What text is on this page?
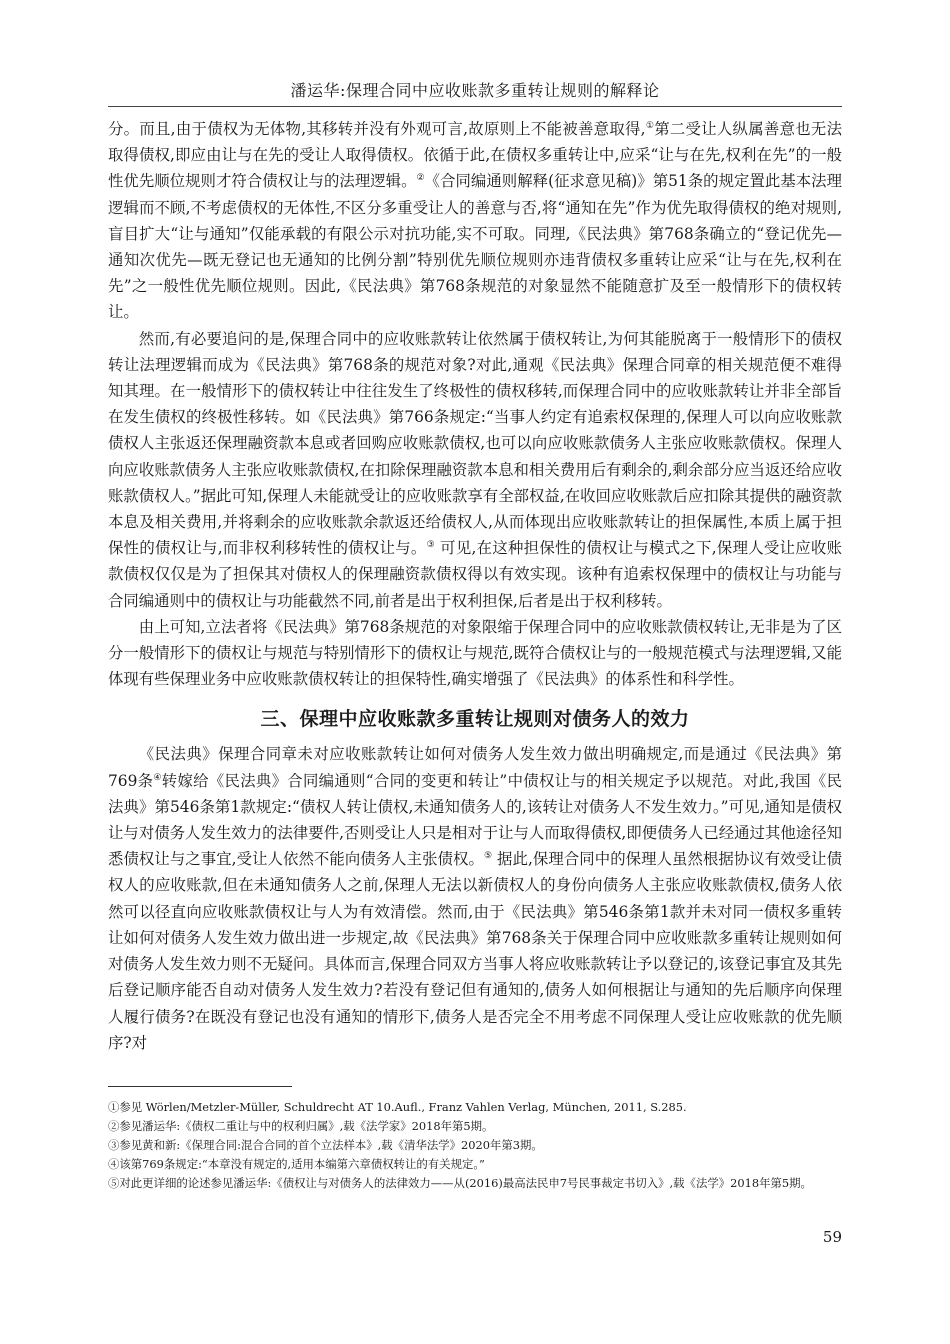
潘运华:保理合同中应收账款多重转让规则的解释论

分。而且,由于债权为无体物,其移转并没有外观可言,故原则上不能被善意取得,①第二受让人纵属善意也无法取得债权,即应由让与在先的受让人取得债权。依循于此,在债权多重转让中,应采“让与在先,权利在先”的一般性优先顺位规则才符合债权让与的法理逻辑。②《合同编通则解释(征求意见稿)》第51条的规定置此基本法理逻辑而不顾,不考虑债权的无体性,不区分多重受让人的善意与否,将“通知在先”作为优先取得债权的绝对规则,盲目扩大“让与通知”仅能承载的有限公示对抗功能,实不可取。同理,《民法典》第768条确立的“登记优先—通知次优先—既无登记也无通知的比例分割”特别优先顺位规则亦违背债权多重转让应采“让与在先,权利在先”之一般性优先顺位规则。因此,《民法典》第768条规范的对象显然不能随意扩及至一般情形下的债权转让。

然而,有必要追问的是,保理合同中的应收账款转让依然属于债权转让,为何其能脱离于一般情形下的债权转让法理逻辑而成为《民法典》第768条的规范对象?对此,通观《民法典》保理合同章的相关规范便不难得知其理。在一般情形下的债权转让中往往发生了终极性的债权移转,而保理合同中的应收账款转让并非全部旨在发生债权的终极性移转。如《民法典》第766条规定:“当事人约定有追索权保理的,保理人可以向应收账款债权人主张返还保理融资款本息或者回购应收账款债权,也可以向应收账款债务人主张应收账款债权。保理人向应收账款债务人主张应收账款债权,在扣除保理融资款本息和相关费用后有剩余的,剩余部分应当返还给应收账款债权人。”据此可知,保理人未能就受让的应收账款享有全部权益,在收回应收账款后应扣除其提供的融资款本息及相关费用,并将剩余的应收账款余款返还给债权人,从而体现出应收账款转让的担保属性,本质上属于担保性的债权让与,而非权利移转性的债权让与。③ 可见,在这种担保性的债权让与模式之下,保理人受让应收账款债权仅仅是为了担保其对债权人的保理融资款债权得以有效实现。该种有追索权保理中的债权让与功能与合同编通则中的债权让与功能截然不同,前者是出于权利担保,后者是出于权利移转。

由上可知,立法者将《民法典》第768条规范的对象限缩于保理合同中的应收账款债权转让,无非是为了区分一般情形下的债权让与规范与特别情形下的债权让与规范,既符合债权让与的一般规范模式与法理逻辑,又能体现有些保理业务中应收账款债权转让的担保特性,确实增强了《民法典》的体系性和科学性。

三、保理中应收账款多重转让规则对债务人的效力

《民法典》保理合同章未对应收账款转让如何对债务人发生效力做出明确规定,而是通过《民法典》第769条④转嫁给《民法典》合同编通则“合同的变更和转让”中债权让与的相关规定予以规范。对此,我国《民法典》第546条第1款规定:“债权人转让债权,未通知债务人的,该转让对债务人不发生效力。”可见,通知是债权让与对债务人发生效力的法律要件,否则受让人只是相对于让与人而取得债权,即便债务人已经通过其他途径知悉债权让与之事宜,受让人依然不能向债务人主张债权。⑤ 据此,保理合同中的保理人虽然根据协议有效受让债权人的应收账款,但在未通知债务人之前,保理人无法以新债权人的身份向债务人主张应收账款债权,债务人依然可以径直向应收账款债权让与人为有效清偿。然而,由于《民法典》第546条第1款并未对同一债权多重转让如何对债务人发生效力做出进一步规定,故《民法典》第768条关于保理合同中应收账款多重转让规则如何对债务人发生效力则不无疑问。具体而言,保理合同双方当事人将应收账款转让予以登记的,该登记事宜及其先后登记顺序能否自动对债务人发生效力?若没有登记但有通知的,债务人如何根据让与通知的先后顺序向保理人履行债务?在既没有登记也没有通知的情形下,债务人是否完全不用考虑不同保理人受让应收账款的优先顺序?对

①参见 Wörlen/Metzler-Müller, Schuldrecht AT 10.Aufl., Franz Vahlen Verlag, München, 2011, S.285.

②参见潘运华:《债权二重让与中的权利归属》,载《法学家》2018年第5期。

③参见黄和新:《保理合同:混合合同的首个立法样本》,载《清华法学》2020年第3期。

④该第769条规定:“本章没有规定的,适用本编第六章债权转让的有关规定。”

⑤对此更详细的论述参见潘运华:《债权让与对债务人的法律效力——从(2016)最高法民申7号民事裁定书切入》,载《法学》2018年第5期。

59
